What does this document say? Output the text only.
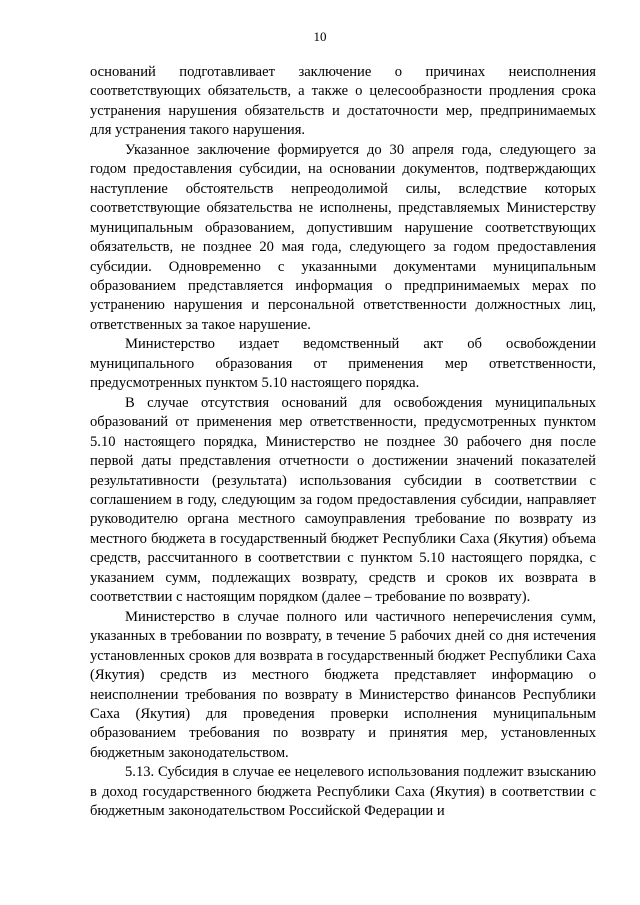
10

оснований подготавливает заключение о причинах неисполнения соответствующих обязательств, а также о целесообразности продления срока устранения нарушения обязательств и достаточности мер, предпринимаемых для устранения такого нарушения.

Указанное заключение формируется до 30 апреля года, следующего за годом предоставления субсидии, на основании документов, подтверждающих наступление обстоятельств непреодолимой силы, вследствие которых соответствующие обязательства не исполнены, представляемых Министерству муниципальным образованием, допустившим нарушение соответствующих обязательств, не позднее 20 мая года, следующего за годом предоставления субсидии. Одновременно с указанными документами муниципальным образованием представляется информация о предпринимаемых мерах по устранению нарушения и персональной ответственности должностных лиц, ответственных за такое нарушение.

Министерство издает ведомственный акт об освобождении муниципального образования от применения мер ответственности, предусмотренных пунктом 5.10 настоящего порядка.

В случае отсутствия оснований для освобождения муниципальных образований от применения мер ответственности, предусмотренных пунктом 5.10 настоящего порядка, Министерство не позднее 30 рабочего дня после первой даты представления отчетности о достижении значений показателей результативности (результата) использования субсидии в соответствии с соглашением в году, следующим за годом предоставления субсидии, направляет руководителю органа местного самоуправления требование по возврату из местного бюджета в государственный бюджет Республики Саха (Якутия) объема средств, рассчитанного в соответствии с пунктом 5.10 настоящего порядка, с указанием сумм, подлежащих возврату, средств и сроков их возврата в соответствии с настоящим порядком (далее – требование по возврату).

Министерство в случае полного или частичного неперечисления сумм, указанных в требовании по возврату, в течение 5 рабочих дней со дня истечения установленных сроков для возврата в государственный бюджет Республики Саха (Якутия) средств из местного бюджета представляет информацию о неисполнении требования по возврату в Министерство финансов Республики Саха (Якутия) для проведения проверки исполнения муниципальным образованием требования по возврату и принятия мер, установленных бюджетным законодательством.

5.13. Субсидия в случае ее нецелевого использования подлежит взысканию в доход государственного бюджета Республики Саха (Якутия) в соответствии с бюджетным законодательством Российской Федерации и
